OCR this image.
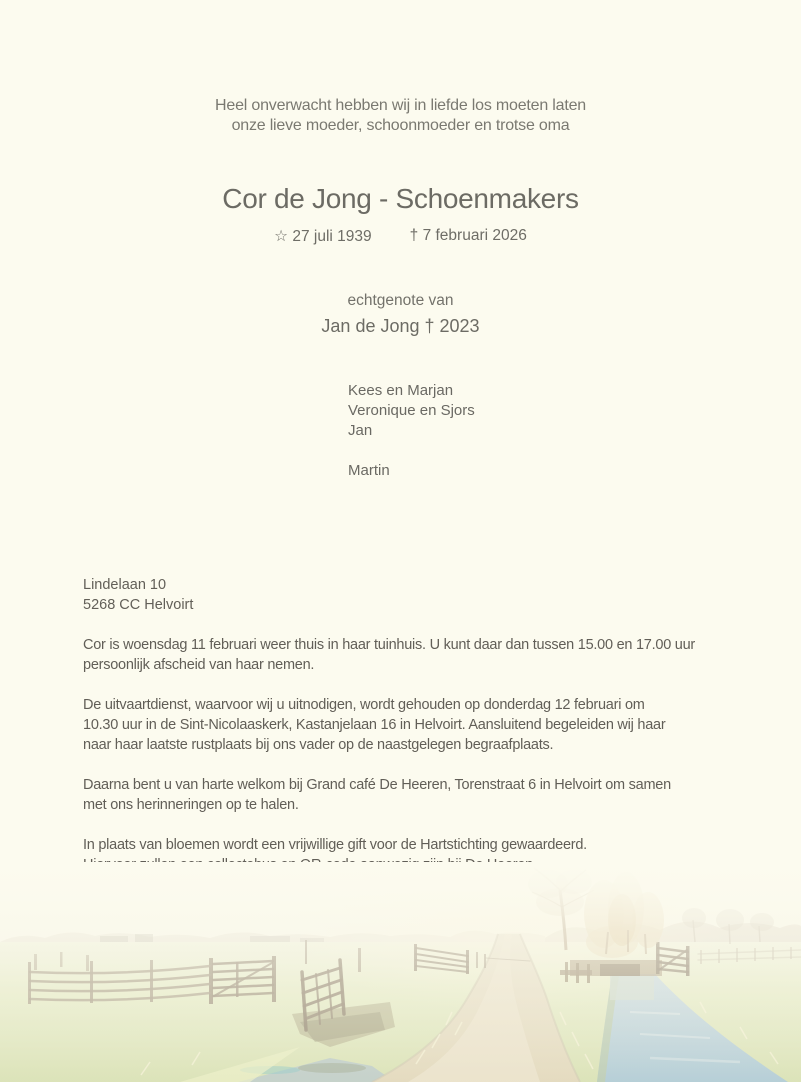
Heel onverwacht hebben wij in liefde los moeten laten
onze lieve moeder, schoonmoeder en trotse oma
Cor de Jong - Schoenmakers
☆ 27 juli 1939 † 7 februari 2026
echtgenote van
Jan de Jong † 2023
Kees en Marjan
Veronique en Sjors
Jan
Martin
Lindelaan 10
5268 CC Helvoirt

Cor is woensdag 11 februari weer thuis in haar tuinhuis. U kunt daar dan tussen 15.00 en 17.00 uur
persoonlijk afscheid van haar nemen.

De uitvaartdienst, waarvoor wij u uitnodigen, wordt gehouden op donderdag 12 februari om
10.30 uur in de Sint-Nicolaaskerk, Kastanjelaan 16 in Helvoirt. Aansluitend begeleiden wij haar
naar haar laatste rustplaats bij ons vader op de naastgelegen begraafplaats.

Daarna bent u van harte welkom bij Grand café De Heeren, Torenstraat 6 in Helvoirt om samen
met ons herinneringen op te halen.

In plaats van bloemen wordt een vrijwillige gift voor de Hartstichting gewaardeerd.
